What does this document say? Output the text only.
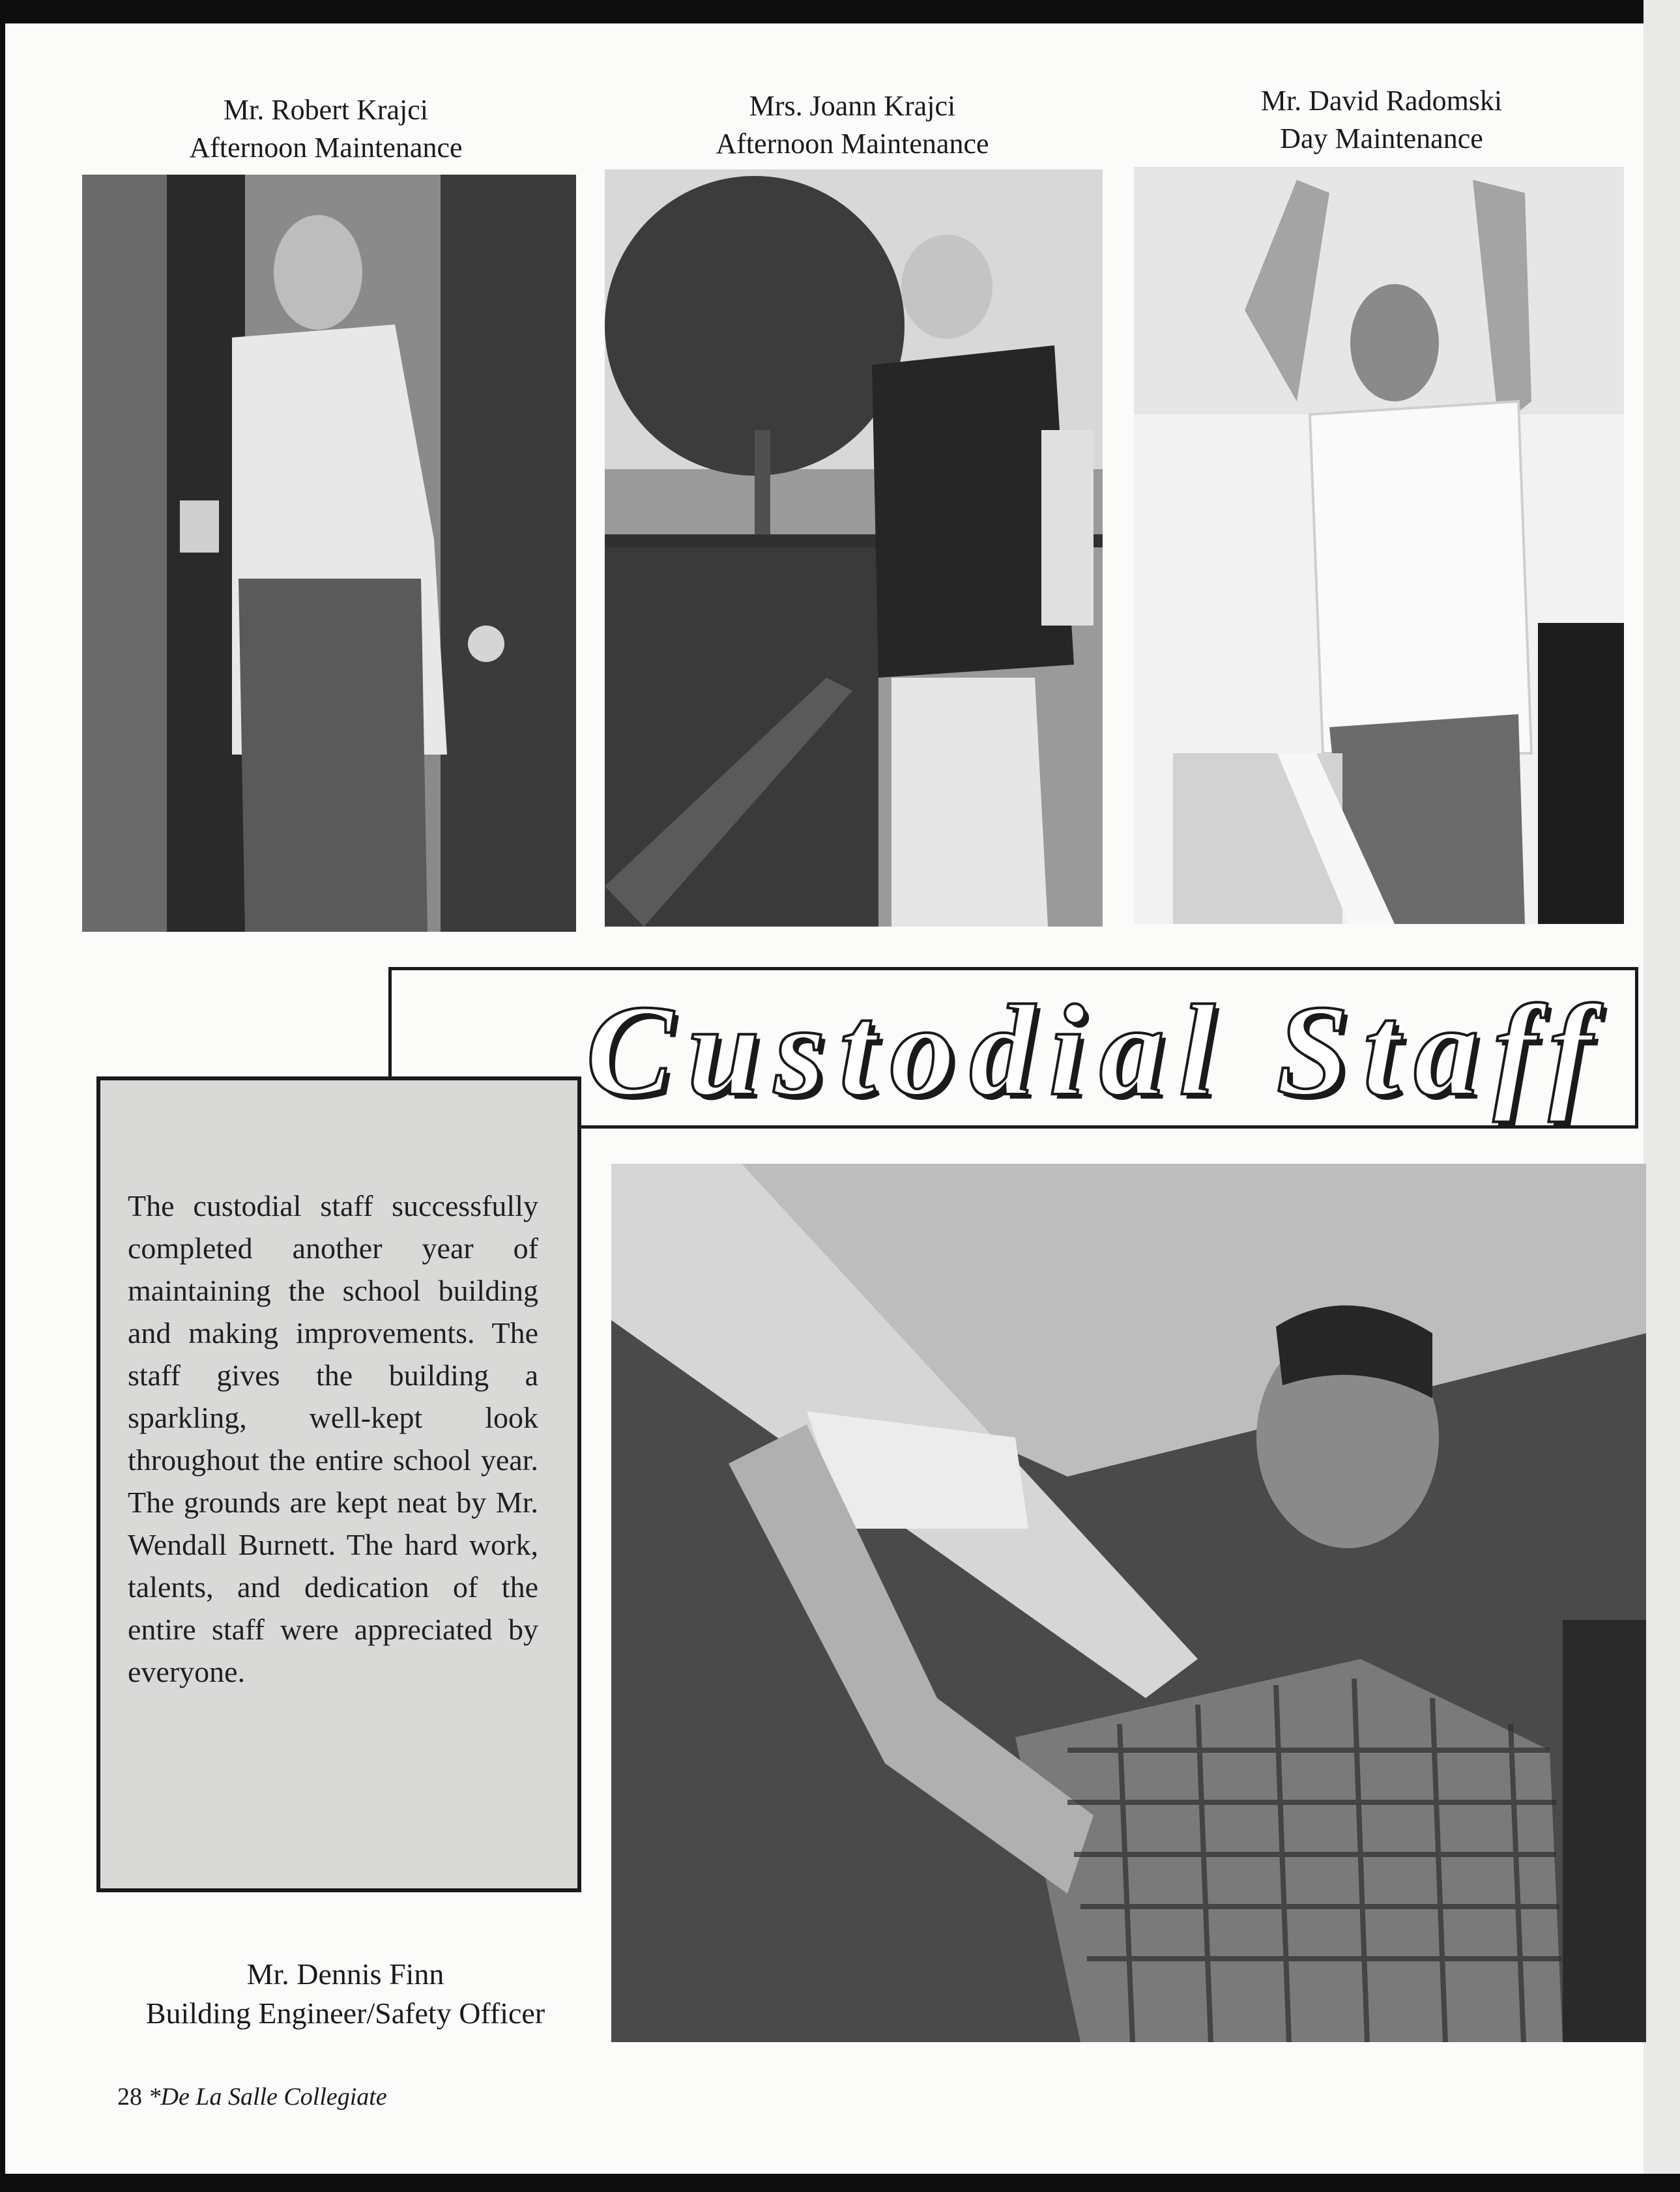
Mr. Robert Krajci
Afternoon Maintenance
Mrs. Joann Krajci
Afternoon Maintenance
Mr. David Radomski
Day Maintenance
Custodial Staff

The custodial staff successfully completed another year of maintaining the school building and making improvements. The staff gives the building a sparkling, well-kept look throughout the entire school year. The grounds are kept neat by Mr. Wendall Burnett. The hard work, talents, and dedication of the entire staff were appreciated by everyone.

Mr. Dennis Finn
Building Engineer/Safety Officer
28 *De La Salle Collegiate
